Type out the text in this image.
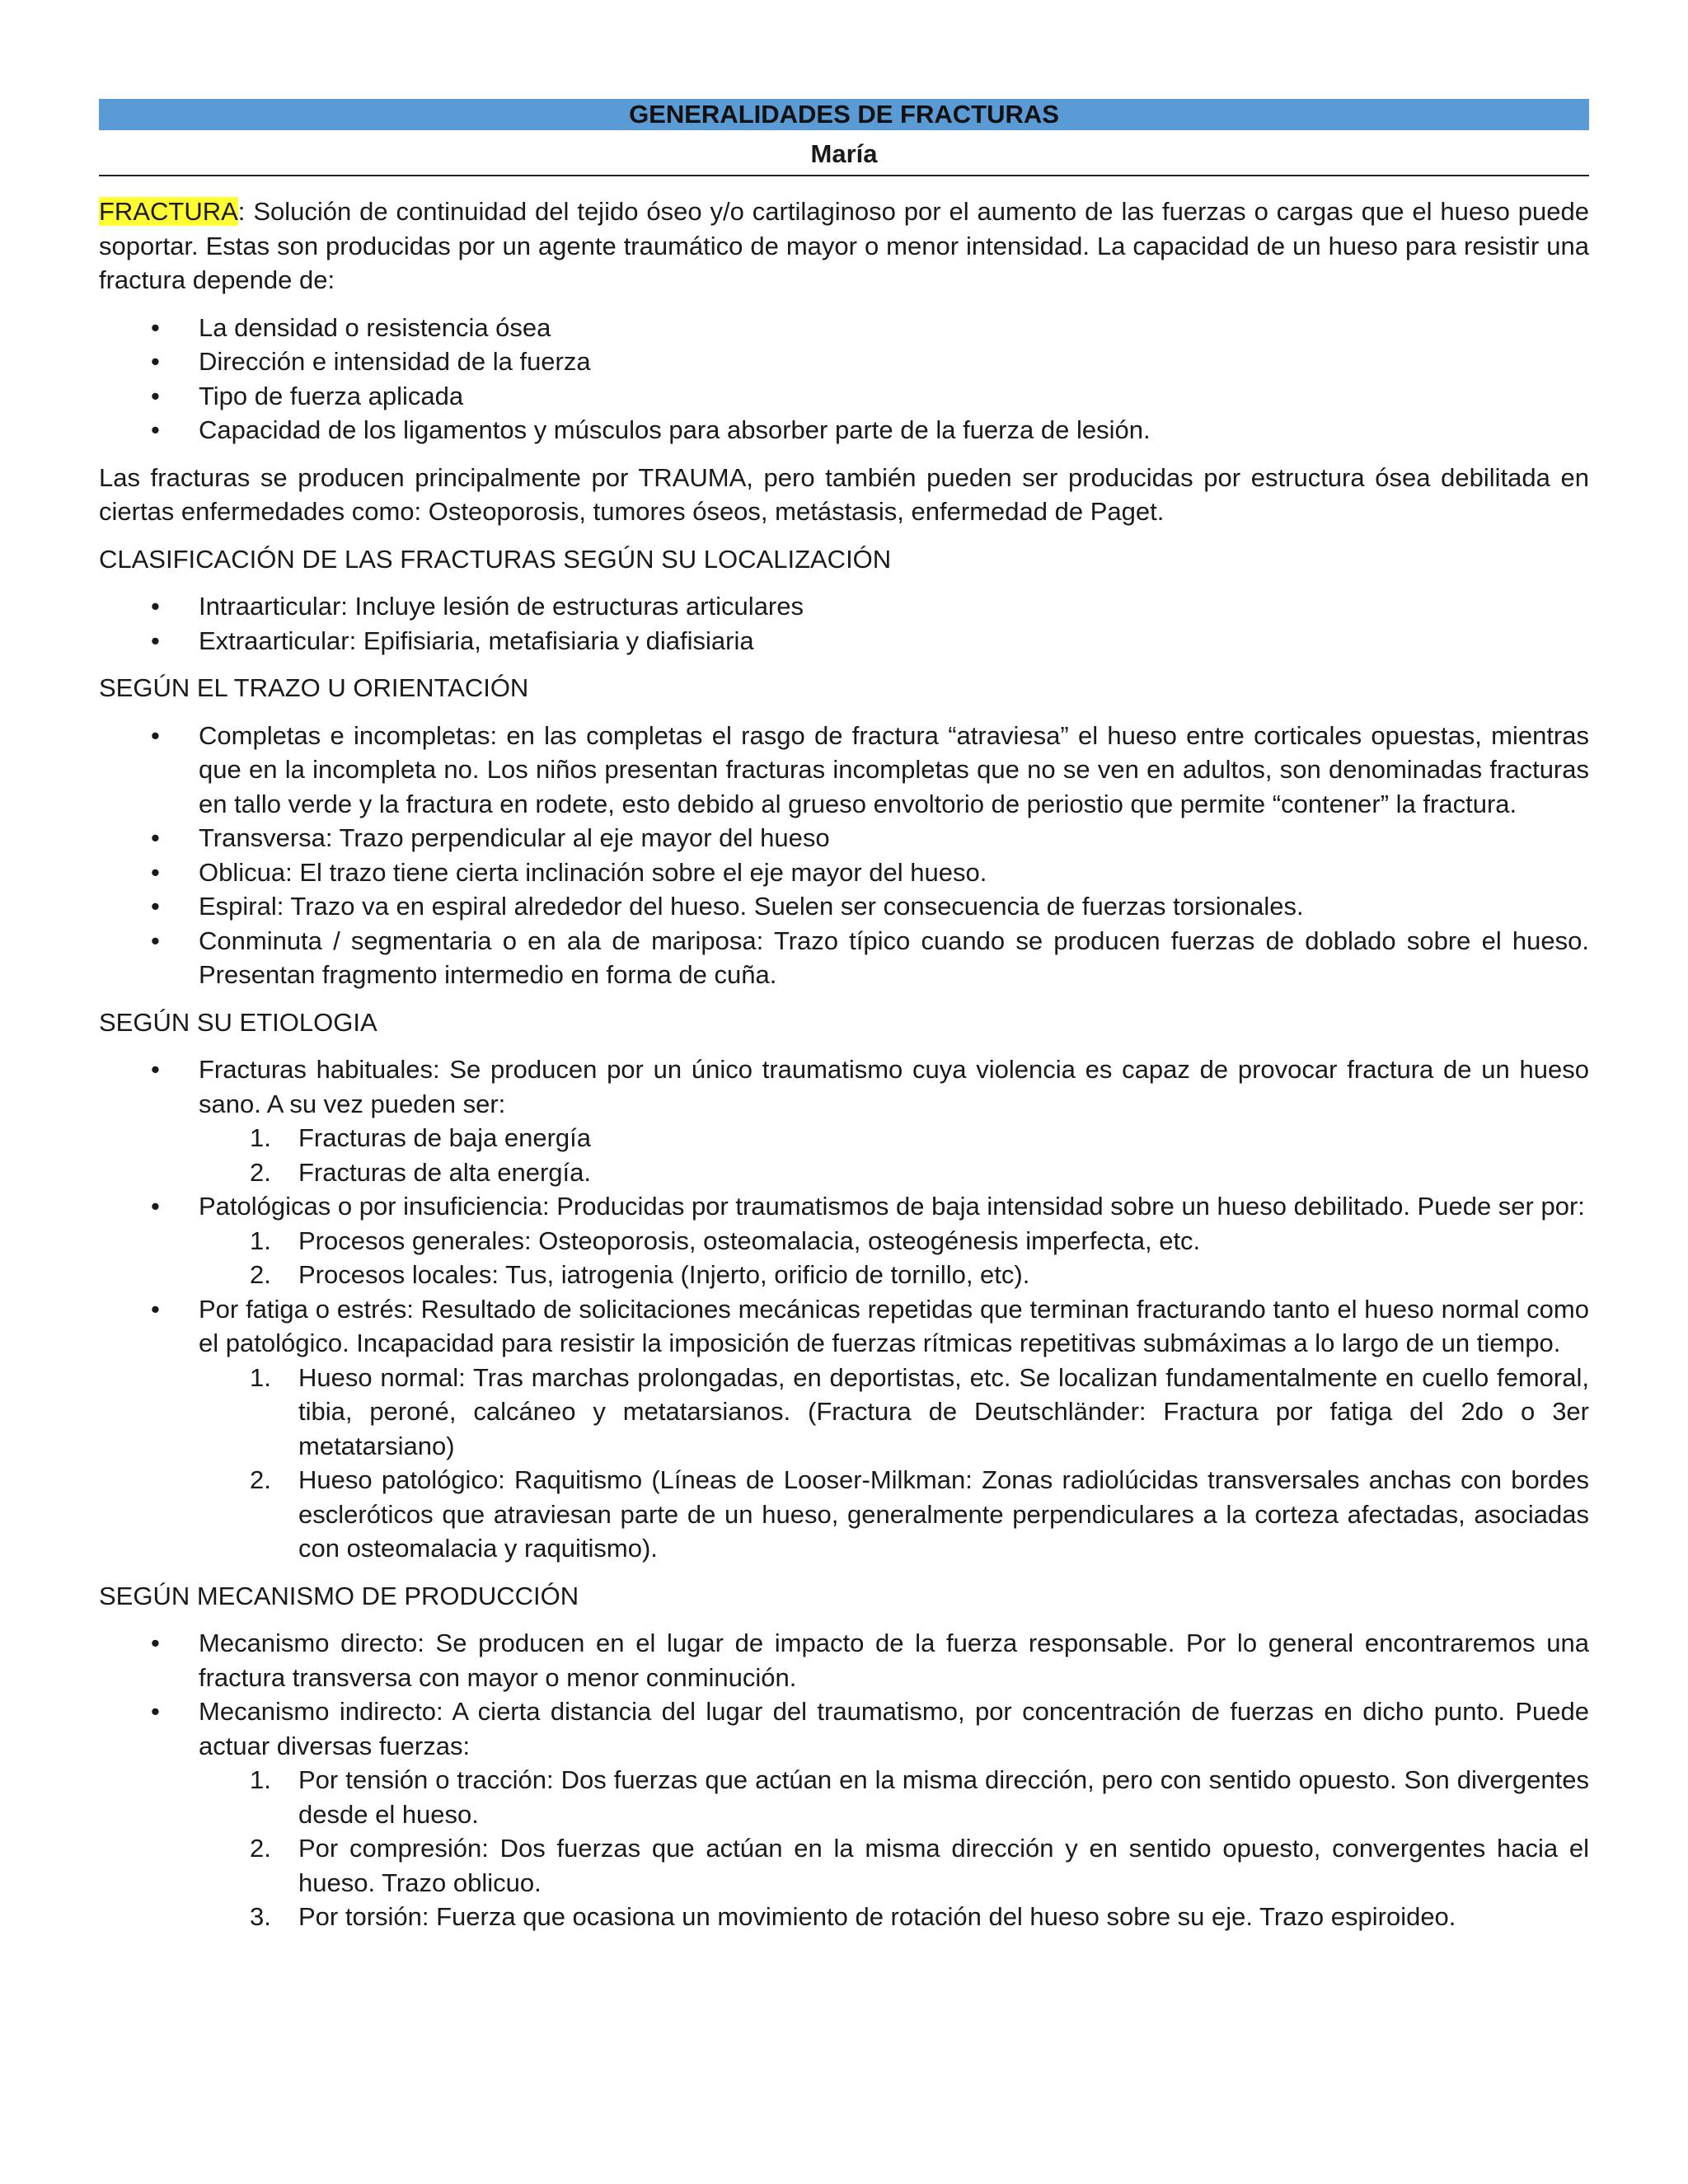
GENERALIDADES DE FRACTURAS
María

FRACTURA: Solución de continuidad del tejido óseo y/o cartilaginoso por el aumento de las fuerzas o cargas que el hueso puede soportar. Estas son producidas por un agente traumático de mayor o menor intensidad. La capacidad de un hueso para resistir una fractura depende de:

• La densidad o resistencia ósea
• Dirección e intensidad de la fuerza
• Tipo de fuerza aplicada
• Capacidad de los ligamentos y músculos para absorber parte de la fuerza de lesión.

Las fracturas se producen principalmente por TRAUMA, pero también pueden ser producidas por estructura ósea debilitada en ciertas enfermedades como: Osteoporosis, tumores óseos, metástasis, enfermedad de Paget.

CLASIFICACIÓN DE LAS FRACTURAS SEGÚN SU LOCALIZACIÓN

• Intraarticular: Incluye lesión de estructuras articulares
• Extraarticular: Epifisiaria, metafisiaria y diafisiaria

SEGÚN EL TRAZO U ORIENTACIÓN

• Completas e incompletas: en las completas el rasgo de fractura “atraviesa” el hueso entre corticales opuestas, mientras que en la incompleta no. Los niños presentan fracturas incompletas que no se ven en adultos, son denominadas fracturas en tallo verde y la fractura en rodete, esto debido al grueso envoltorio de periostio que permite “contener” la fractura.
• Transversa: Trazo perpendicular al eje mayor del hueso
• Oblicua: El trazo tiene cierta inclinación sobre el eje mayor del hueso.
• Espiral: Trazo va en espiral alrededor del hueso. Suelen ser consecuencia de fuerzas torsionales.
• Conminuta / segmentaria o en ala de mariposa: Trazo típico cuando se producen fuerzas de doblado sobre el hueso. Presentan fragmento intermedio en forma de cuña.

SEGÚN SU ETIOLOGIA

• Fracturas habituales: Se producen por un único traumatismo cuya violencia es capaz de provocar fractura de un hueso sano. A su vez pueden ser:
1. Fracturas de baja energía
2. Fracturas de alta energía.
• Patológicas o por insuficiencia: Producidas por traumatismos de baja intensidad sobre un hueso debilitado. Puede ser por:
1. Procesos generales: Osteoporosis, osteomalacia, osteogénesis imperfecta, etc.
2. Procesos locales: Tus, iatrogenia (Injerto, orificio de tornillo, etc).
• Por fatiga o estrés: Resultado de solicitaciones mecánicas repetidas que terminan fracturando tanto el hueso normal como el patológico. Incapacidad para resistir la imposición de fuerzas rítmicas repetitivas submáximas a lo largo de un tiempo.
1. Hueso normal: Tras marchas prolongadas, en deportistas, etc. Se localizan fundamentalmente en cuello femoral, tibia, peroné, calcáneo y metatarsianos. (Fractura de Deutschländer: Fractura por fatiga del 2do o 3er metatarsiano)
2. Hueso patológico: Raquitismo (Líneas de Looser-Milkman: Zonas radiolúcidas transversales anchas con bordes escleróticos que atraviesan parte de un hueso, generalmente perpendiculares a la corteza afectadas, asociadas con osteomalacia y raquitismo).

SEGÚN MECANISMO DE PRODUCCIÓN

• Mecanismo directo: Se producen en el lugar de impacto de la fuerza responsable. Por lo general encontraremos una fractura transversa con mayor o menor conminución.
• Mecanismo indirecto: A cierta distancia del lugar del traumatismo, por concentración de fuerzas en dicho punto. Puede actuar diversas fuerzas:
1. Por tensión o tracción: Dos fuerzas que actúan en la misma dirección, pero con sentido opuesto. Son divergentes desde el hueso.
2. Por compresión: Dos fuerzas que actúan en la misma dirección y en sentido opuesto, convergentes hacia el hueso. Trazo oblicuo.
3. Por torsión: Fuerza que ocasiona un movimiento de rotación del hueso sobre su eje. Trazo espiroideo.
